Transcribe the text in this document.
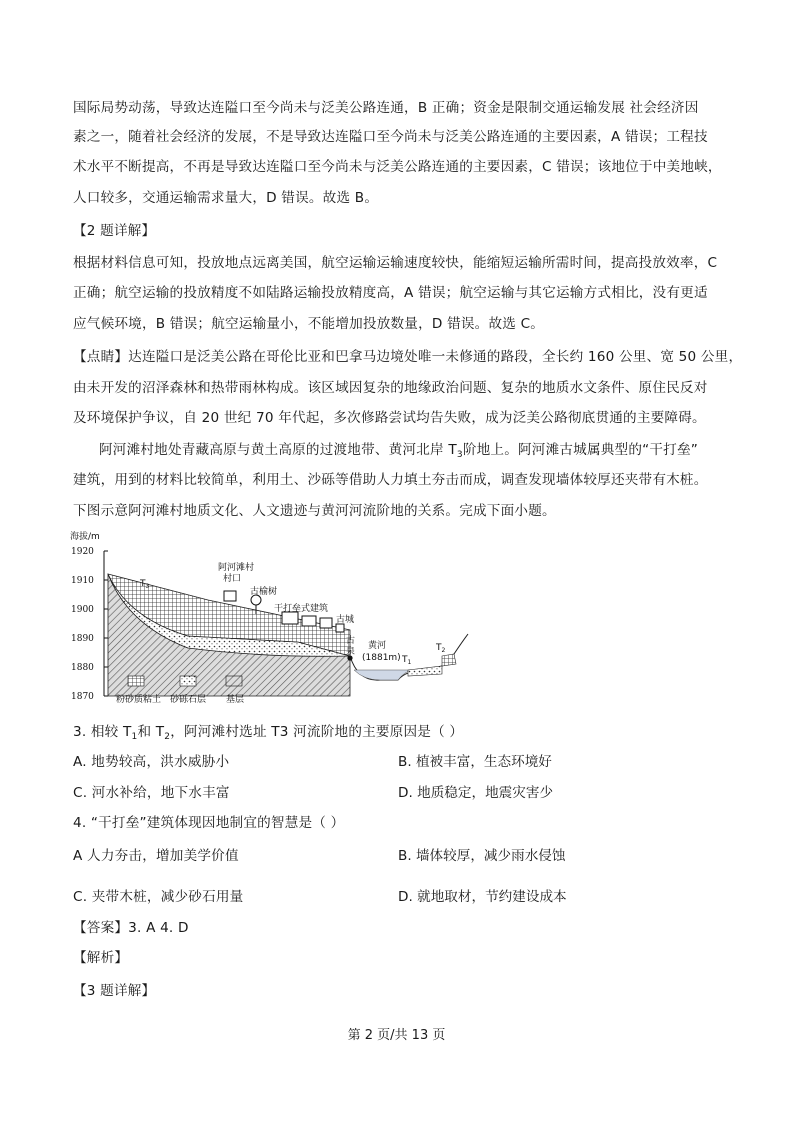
国际局势动荡，导致达连隘口至今尚未与泛美公路连通，B 正确；资金是限制交通运输发展 社会经济因
素之一，随着社会经济的发展，不是导致达连隘口至今尚未与泛美公路连通的主要因素，A 错误；工程技
术水平不断提高，不再是导致达连隘口至今尚未与泛美公路连通的主要因素，C 错误；该地位于中美地峡，
人口较多，交通运输需求量大，D 错误。故选 B。
【2 题详解】
根据材料信息可知，投放地点远离美国，航空运输运输速度较快，能缩短运输所需时间，提高投放效率，C
正确；航空运输的投放精度不如陆路运输投放精度高，A 错误；航空运输与其它运输方式相比，没有更适
应气候环境，B 错误；航空运输量小，不能增加投放数量，D 错误。故选 C。
【点睛】达连隘口是泛美公路在哥伦比亚和巴拿马边境处唯一未修通的路段，全长约 160 公里、宽 50 公里，
由未开发的沼泽森林和热带雨林构成。该区域因复杂的地缘政治问题、复杂的地质水文条件、原住民反对
及环境保护争议，自 20 世纪 70 年代起，多次修路尝试均告失败，成为泛美公路彻底贯通的主要障碍。
阿河滩村地处青藏高原与黄土高原的过渡地带、黄河北岸 $T_3$阶地上。阿河滩古城属典型的“干打垒”
建筑，用到的材料比较简单，利用土、沙砾等借助人力填土夯击而成，调查发现墙体较厚还夹带有木桩。
下图示意阿河滩村地质文化、人文遗迹与黄河河流阶地的关系。完成下面小题。
海拔/m
1920
1910
1900
1890
1880
1870
$T_3$
阿河滩村
村口
古榆树
干打垒式建筑
古城
古
泉
黄河
(1881m) $T_1$
$T_2$
粉砂质粘土 砂砾石层 基层
3. 相较 $T_1$和 $T_2$，阿河滩村选址 T3 河流阶地的主要原因是（ ）
A. 地势较高，洪水威胁小	B. 植被丰富，生态环境好
C. 河水补给，地下水丰富	D. 地质稳定，地震灾害少
4. “干打垒”建筑体现因地制宜的智慧是（ ）
A 人力夯击，增加美学价值	B. 墙体较厚，减少雨水侵蚀
C. 夹带木桩，减少砂石用量	D. 就地取材，节约建设成本
【答案】3. A 4. D
【解析】
【3 题详解】
第 2 页/共 13 页
